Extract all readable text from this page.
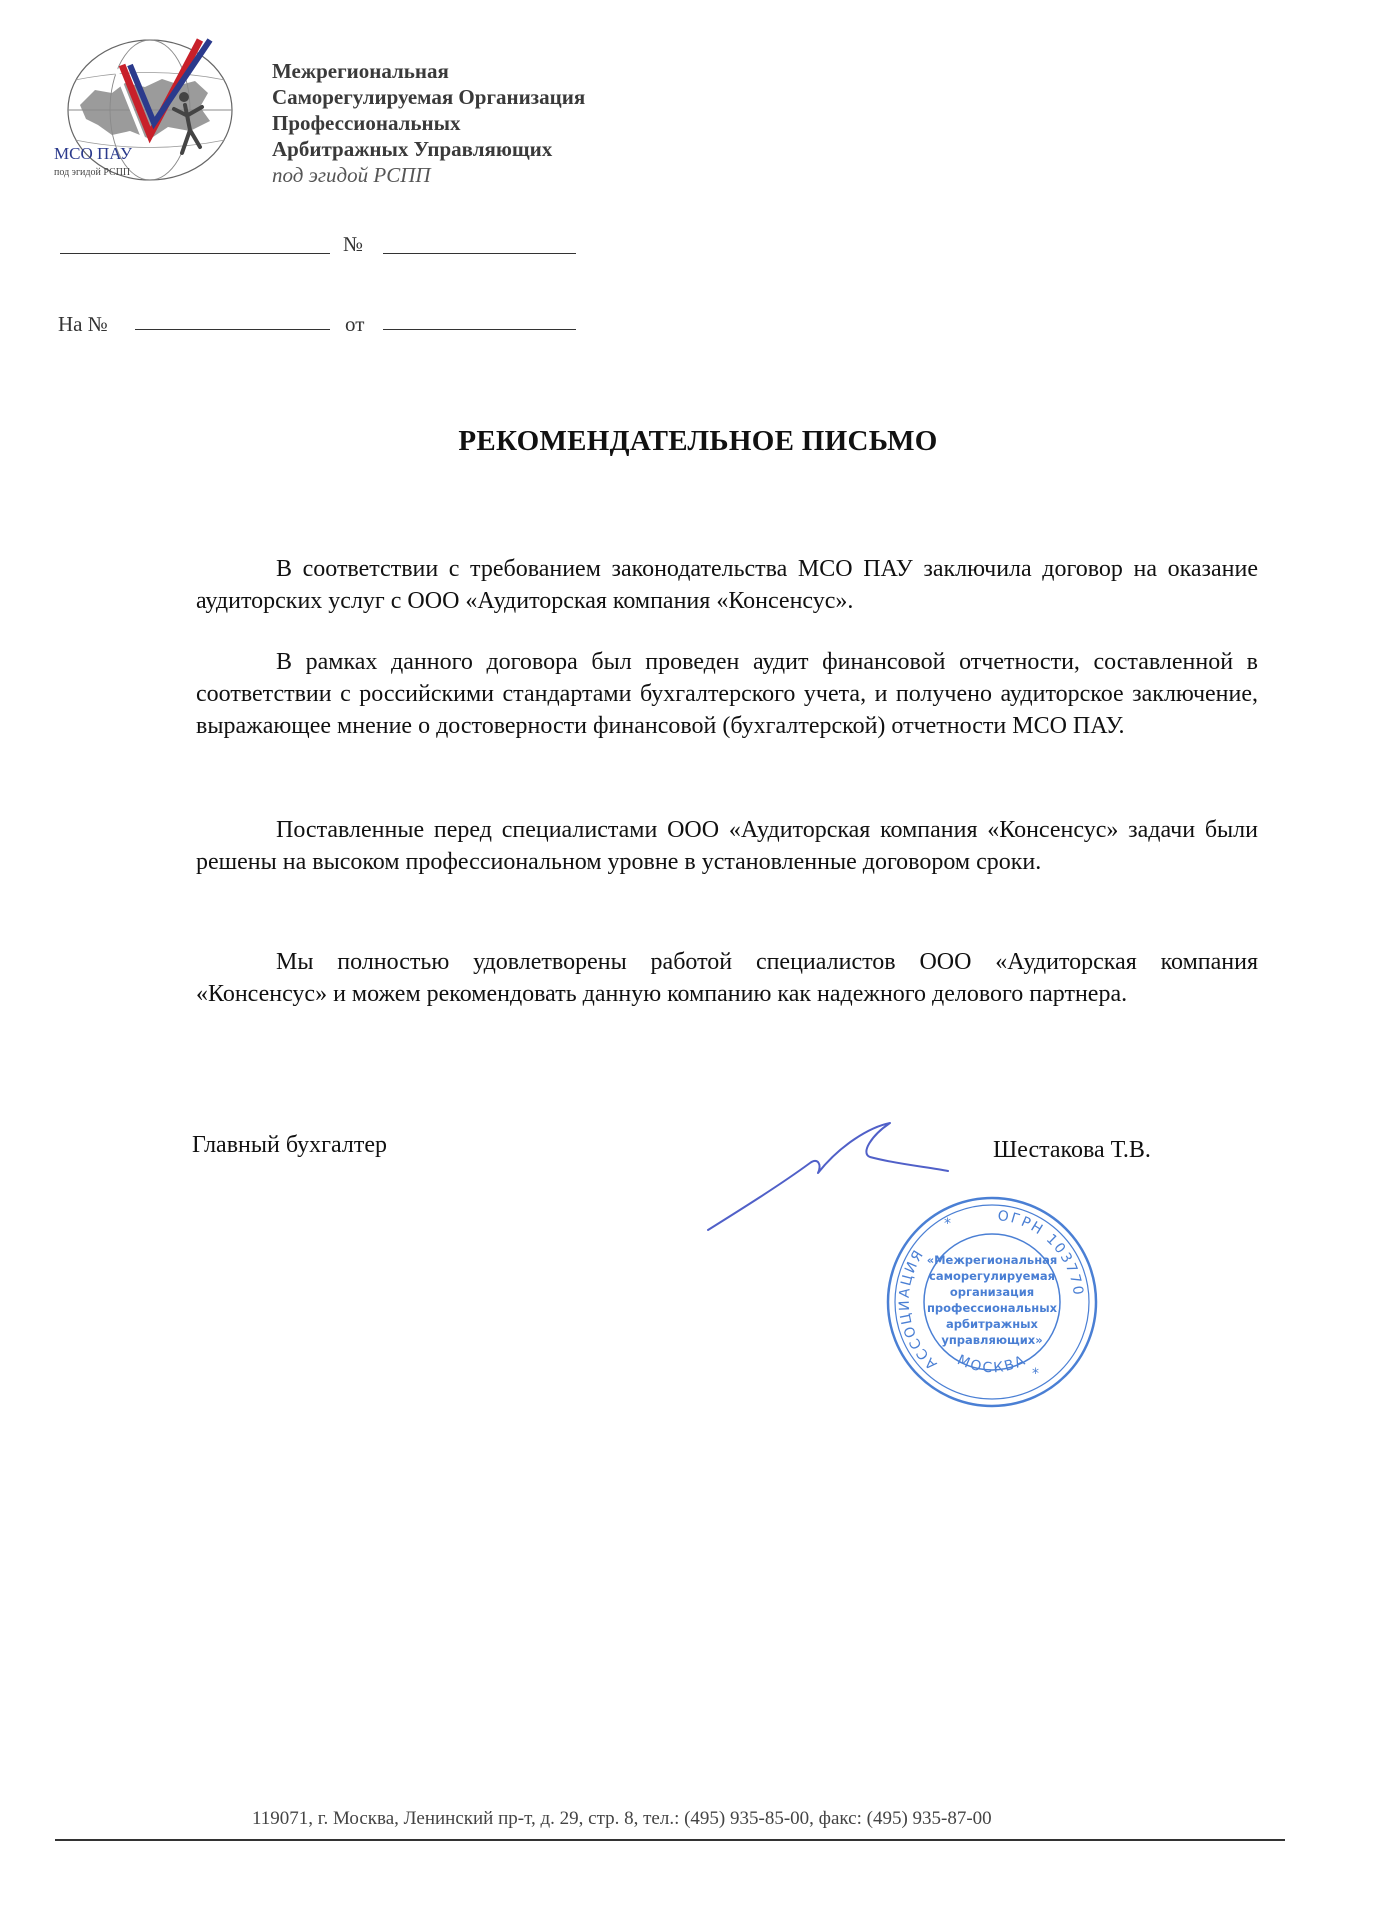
МСО ПАУ
под эгидой РСПП
Межрегиональная
Саморегулируемая Организация
Профессиональных
Арбитражных Управляющих
под эгидой РСПП
№
На №	от
РЕКОМЕНДАТЕЛЬНОЕ ПИСЬМО
В соответствии с требованием законодательства МСО ПАУ заключила договор на оказание аудиторских услуг с ООО «Аудиторская компания «Консенсус».
В рамках данного договора был проведен аудит финансовой отчетности, составленной в соответствии с российскими стандартами бухгалтерского учета, и получено аудиторское заключение, выражающее мнение о достоверности финансовой (бухгалтерской) отчетности МСО ПАУ.
Поставленные перед специалистами ООО «Аудиторская компания «Консенсус» задачи были решены на высоком профессиональном уровне в установленные договором сроки.
Мы полностью удовлетворены работой специалистов ООО «Аудиторская компания «Консенсус» и можем рекомендовать данную компанию как надежного делового партнера.
Главный бухгалтер	Шестакова Т.В.
ОГРН 103770
АССОЦИАЦИЯ
МОСКВА
«Межрегиональная
саморегулируемая
организация
профессиональных
арбитражных
управляющих»
*
*
119071, г. Москва, Ленинский пр-т, д. 29, стр. 8, тел.: (495) 935-85-00, факс: (495) 935-87-00
